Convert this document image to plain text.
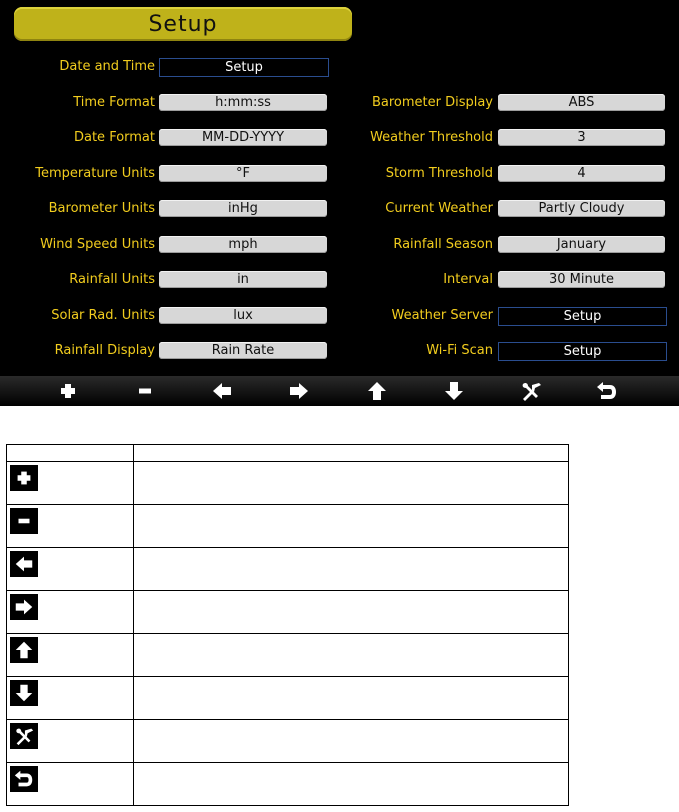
Setup
Date and Time	Setup
Time Format	h:mm:ss
Date Format	MM-DD-YYYY
Temperature Units	°F
Barometer Units	inHg
Wind Speed Units	mph
Rainfall Units	in
Solar Rad. Units	lux
Rainfall Display	Rain Rate
Barometer Display	ABS
Weather Threshold	3
Storm Threshold	4
Current Weather	Partly Cloudy
Rainfall Season	January
Interval	30 Minute
Weather Server	Setup
Wi-Fi Scan	Setup
